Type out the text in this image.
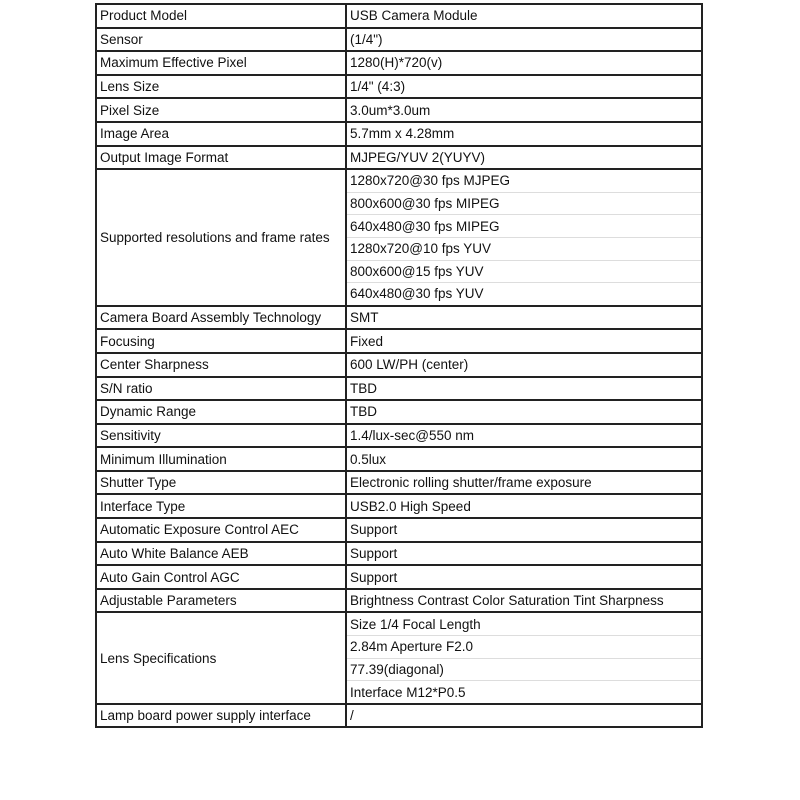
Product Model	USB Camera Module
Sensor	(1/4")
Maximum Effective Pixel	1280(H)*720(v)
Lens Size	1/4" (4:3)
Pixel Size	3.0um*3.0um
Image Area	5.7mm x 4.28mm
Output Image Format	MJPEG/YUV 2(YUYV)
Supported resolutions and frame rates	1280x720@30 fps MJPEG
	800x600@30 fps MIPEG
	640x480@30 fps MIPEG
	1280x720@10 fps YUV
	800x600@15 fps YUV
	640x480@30 fps YUV
Camera Board Assembly Technology	SMT
Focusing	Fixed
Center Sharpness	600 LW/PH (center)
S/N ratio	TBD
Dynamic Range	TBD
Sensitivity	1.4/lux-sec@550 nm
Minimum Illumination	0.5lux
Shutter Type	Electronic rolling shutter/frame exposure
Interface Type	USB2.0 High Speed
Automatic Exposure Control AEC	Support
Auto White Balance AEB	Support
Auto Gain Control AGC	Support
Adjustable Parameters	Brightness Contrast Color Saturation Tint Sharpness
Lens Specifications	Size 1/4 Focal Length
	2.84m Aperture F2.0
	77.39(diagonal)
	Interface M12*P0.5
Lamp board power supply interface	/
